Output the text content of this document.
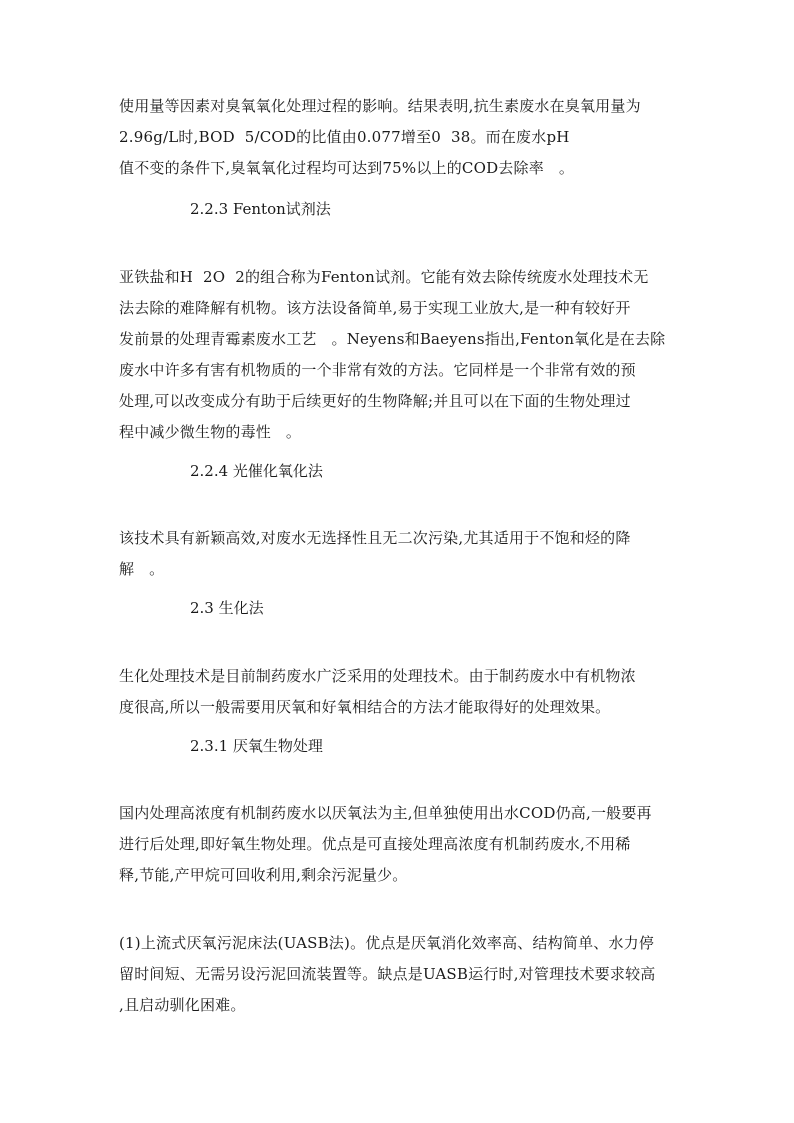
使用量等因素对臭氧氧化处理过程的影响。结果表明,抗生素废水在臭氧用量为
2.96g/L时,BOD  5/COD的比值由0.077增至0  38。而在废水pH
值不变的条件下,臭氧氧化过程均可达到75%以上的COD去除率   。
2.2.3 Fenton试剂法
亚铁盐和H  2O  2的组合称为Fenton试剂。它能有效去除传统废水处理技术无
法去除的难降解有机物。该方法设备简单,易于实现工业放大,是一种有较好开
发前景的处理青霉素废水工艺   。Neyens和Baeyens指出,Fenton氧化是在去除
废水中许多有害有机物质的一个非常有效的方法。它同样是一个非常有效的预
处理,可以改变成分有助于后续更好的生物降解;并且可以在下面的生物处理过
程中减少微生物的毒性   。
2.2.4 光催化氧化法
该技术具有新颖高效,对废水无选择性且无二次污染,尤其适用于不饱和烃的降
解   。
2.3 生化法
生化处理技术是目前制药废水广泛采用的处理技术。由于制药废水中有机物浓
度很高,所以一般需要用厌氧和好氧相结合的方法才能取得好的处理效果。
2.3.1 厌氧生物处理
国内处理高浓度有机制药废水以厌氧法为主,但单独使用出水COD仍高,一般要再
进行后处理,即好氧生物处理。优点是可直接处理高浓度有机制药废水,不用稀
释,节能,产甲烷可回收利用,剩余污泥量少。
(1)上流式厌氧污泥床法(UASB法)。优点是厌氧消化效率高、结构简单、水力停
留时间短、无需另设污泥回流装置等。缺点是UASB运行时,对管理技术要求较高
,且启动驯化困难。
